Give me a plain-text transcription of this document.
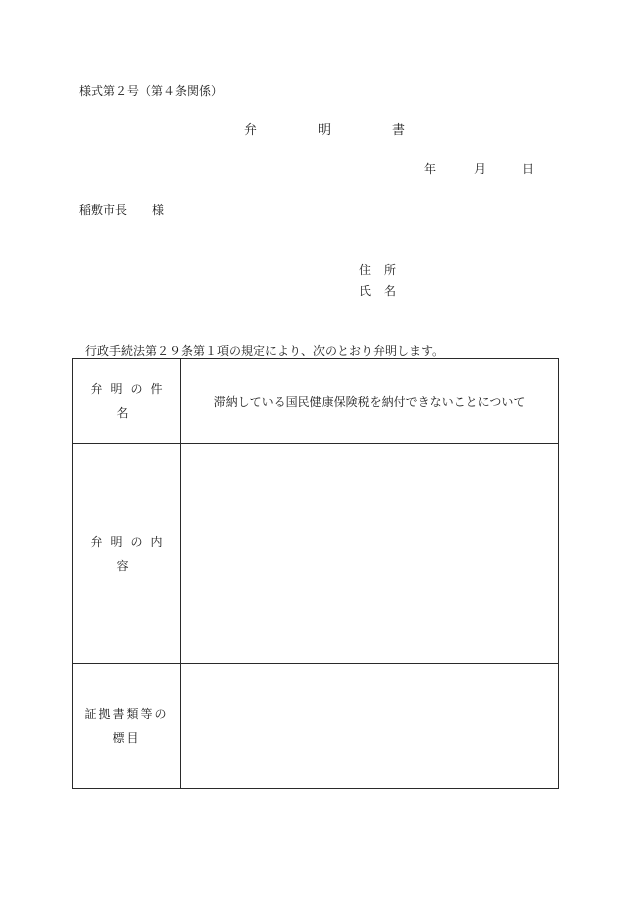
様式第２号（第４条関係）
弁	明	書
年	月	日
稲敷市長 様
住 所
氏 名
行政手続法第２９条第１項の規定により、次のとおり弁明します。
弁明の件名	滞納している国民健康保険税を納付できないことについて
弁明の内容	
証拠書類等の標目	
